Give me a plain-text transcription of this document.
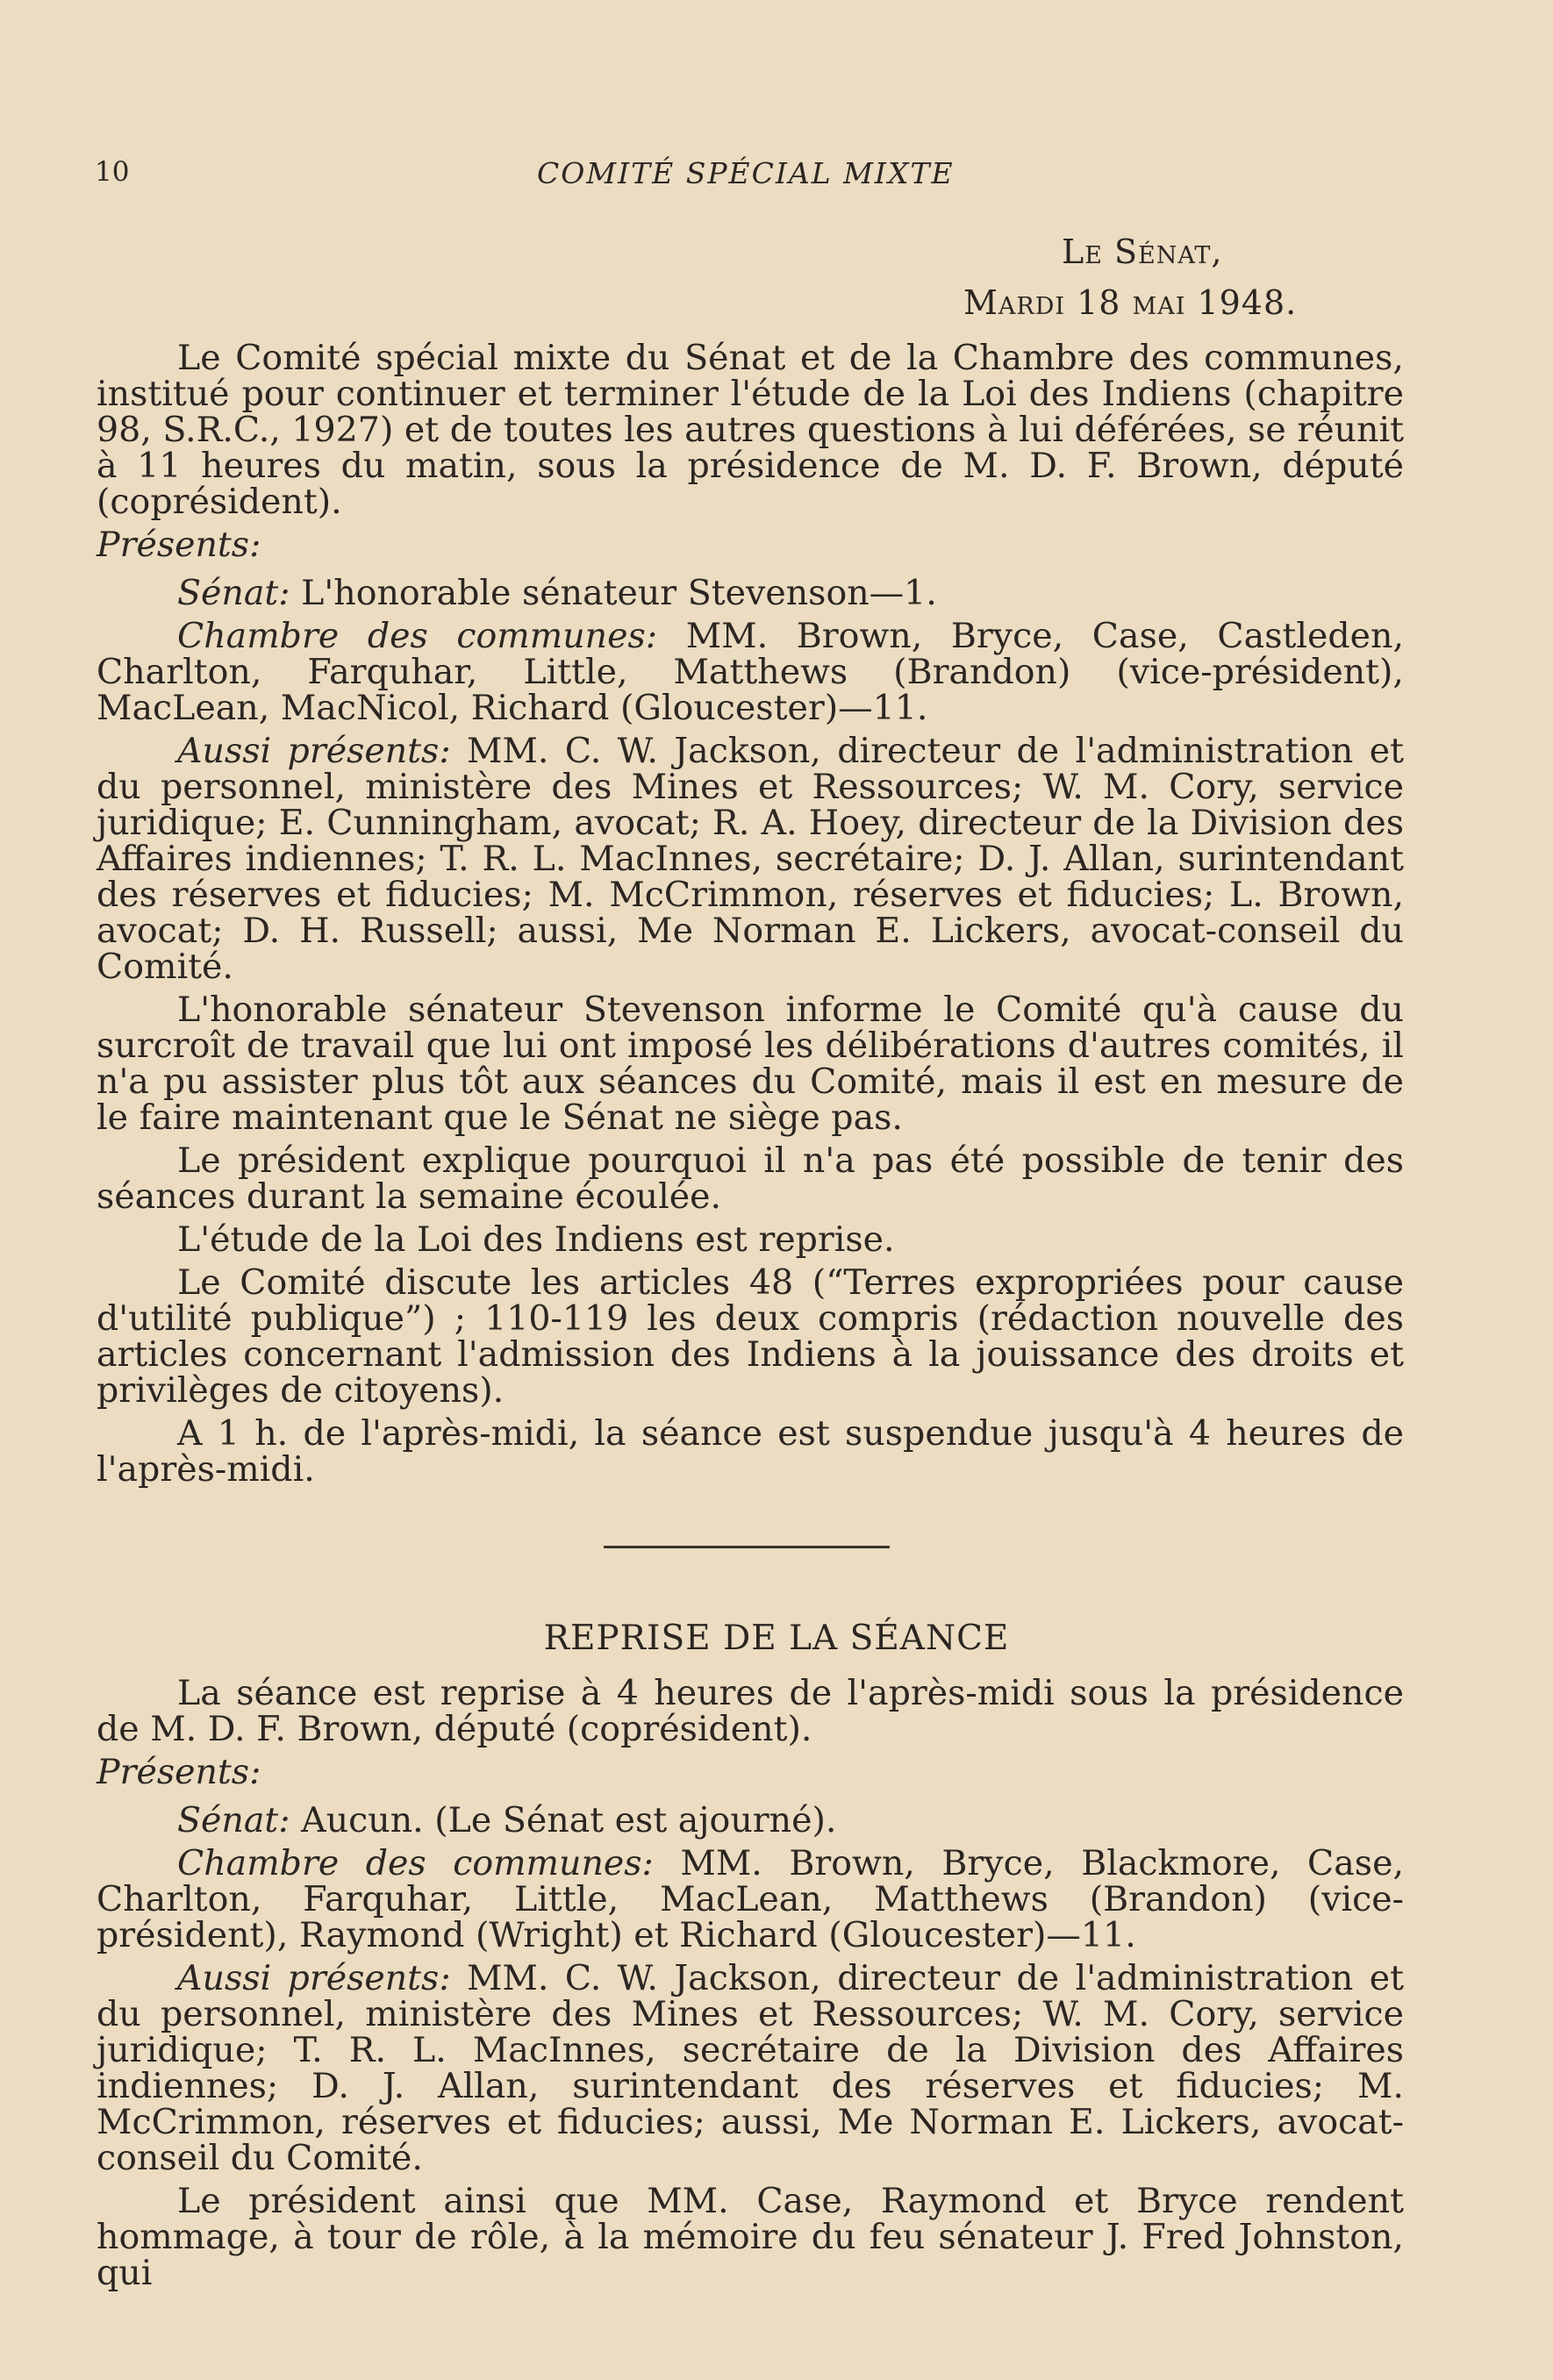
10	COMITÉ SPÉCIAL MIXTE
Le Sénat,
Mardi 18 mai 1948.

Le Comité spécial mixte du Sénat et de la Chambre des communes, institué pour continuer et terminer l'étude de la Loi des Indiens (chapitre 98, S.R.C., 1927) et de toutes les autres questions à lui déférées, se réunit à 11 heures du matin, sous la présidence de M. D. F. Brown, député (coprésident).

Présents:

Sénat: L'honorable sénateur Stevenson—1.

Chambre des communes: MM. Brown, Bryce, Case, Castleden, Charlton, Farquhar, Little, Matthews (Brandon) (vice-président), MacLean, MacNicol, Richard (Gloucester)—11.

Aussi présents: MM. C. W. Jackson, directeur de l'administration et du personnel, ministère des Mines et Ressources; W. M. Cory, service juridique; E. Cunningham, avocat; R. A. Hoey, directeur de la Division des Affaires indiennes; T. R. L. MacInnes, secrétaire; D. J. Allan, surintendant des réserves et fiducies; M. McCrimmon, réserves et fiducies; L. Brown, avocat; D. H. Russell; aussi, Me Norman E. Lickers, avocat-conseil du Comité.

L'honorable sénateur Stevenson informe le Comité qu'à cause du surcroît de travail que lui ont imposé les délibérations d'autres comités, il n'a pu assister plus tôt aux séances du Comité, mais il est en mesure de le faire maintenant que le Sénat ne siège pas.

Le président explique pourquoi il n'a pas été possible de tenir des séances durant la semaine écoulée.

L'étude de la Loi des Indiens est reprise.

Le Comité discute les articles 48 (“Terres expropriées pour cause d'utilité publique”) ; 110-119 les deux compris (rédaction nouvelle des articles concernant l'admission des Indiens à la jouissance des droits et privilèges de citoyens).

A 1 h. de l'après-midi, la séance est suspendue jusqu'à 4 heures de l'après-midi.

REPRISE DE LA SÉANCE

La séance est reprise à 4 heures de l'après-midi sous la présidence de M. D. F. Brown, député (coprésident).

Présents:

Sénat: Aucun. (Le Sénat est ajourné).

Chambre des communes: MM. Brown, Bryce, Blackmore, Case, Charlton, Farquhar, Little, MacLean, Matthews (Brandon) (vice-président), Raymond (Wright) et Richard (Gloucester)—11.

Aussi présents: MM. C. W. Jackson, directeur de l'administration et du personnel, ministère des Mines et Ressources; W. M. Cory, service juridique; T. R. L. MacInnes, secrétaire de la Division des Affaires indiennes; D. J. Allan, surintendant des réserves et fiducies; M. McCrimmon, réserves et fiducies; aussi, Me Norman E. Lickers, avocat-conseil du Comité.

Le président ainsi que MM. Case, Raymond et Bryce rendent hommage, à tour de rôle, à la mémoire du feu sénateur J. Fred Johnston, qui
